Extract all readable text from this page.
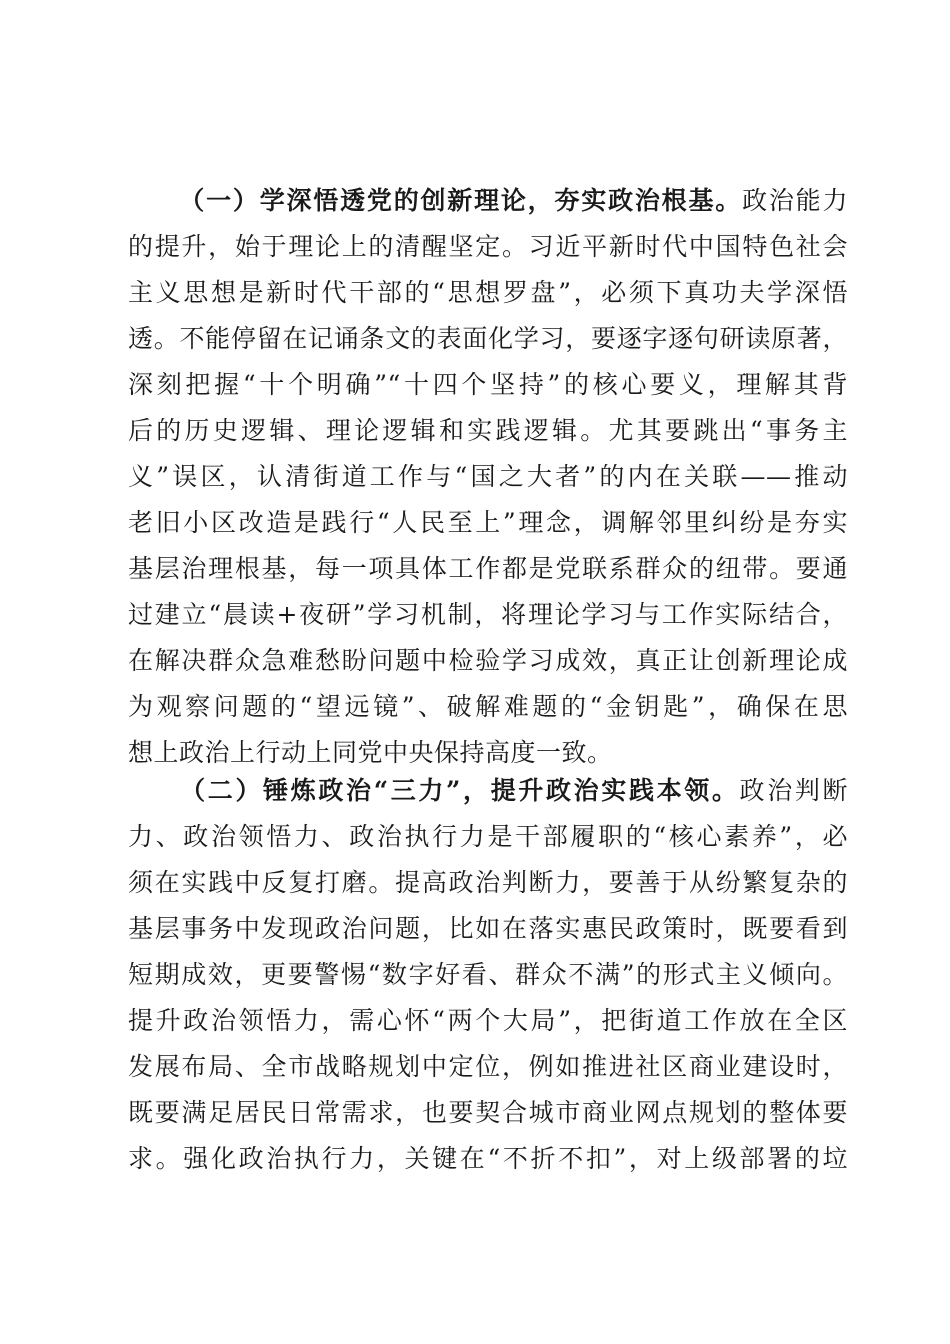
（一）学深悟透党的创新理论，夯实政治根基。政治能力
的提升，始于理论上的清醒坚定。习近平新时代中国特色社会
主义思想是新时代干部的“思想罗盘”，必须下真功夫学深悟
透。不能停留在记诵条文的表面化学习，要逐字逐句研读原著，
深刻把握“十个明确”“十四个坚持”的核心要义，理解其背
后的历史逻辑、理论逻辑和实践逻辑。尤其要跳出“事务主
义”误区，认清街道工作与“国之大者”的内在关联——推动
老旧小区改造是践行“人民至上”理念，调解邻里纠纷是夯实
基层治理根基，每一项具体工作都是党联系群众的纽带。要通
过建立“晨读+夜研”学习机制，将理论学习与工作实际结合，
在解决群众急难愁盼问题中检验学习成效，真正让创新理论成
为观察问题的“望远镜”、破解难题的“金钥匙”，确保在思
想上政治上行动上同党中央保持高度一致。
（二）锤炼政治“三力”，提升政治实践本领。政治判断
力、政治领悟力、政治执行力是干部履职的“核心素养”，必
须在实践中反复打磨。提高政治判断力，要善于从纷繁复杂的
基层事务中发现政治问题，比如在落实惠民政策时，既要看到
短期成效，更要警惕“数字好看、群众不满”的形式主义倾向。
提升政治领悟力，需心怀“两个大局”，把街道工作放在全区
发展布局、全市战略规划中定位，例如推进社区商业建设时，
既要满足居民日常需求，也要契合城市商业网点规划的整体要
求。强化政治执行力，关键在“不折不扣”，对上级部署的垃
